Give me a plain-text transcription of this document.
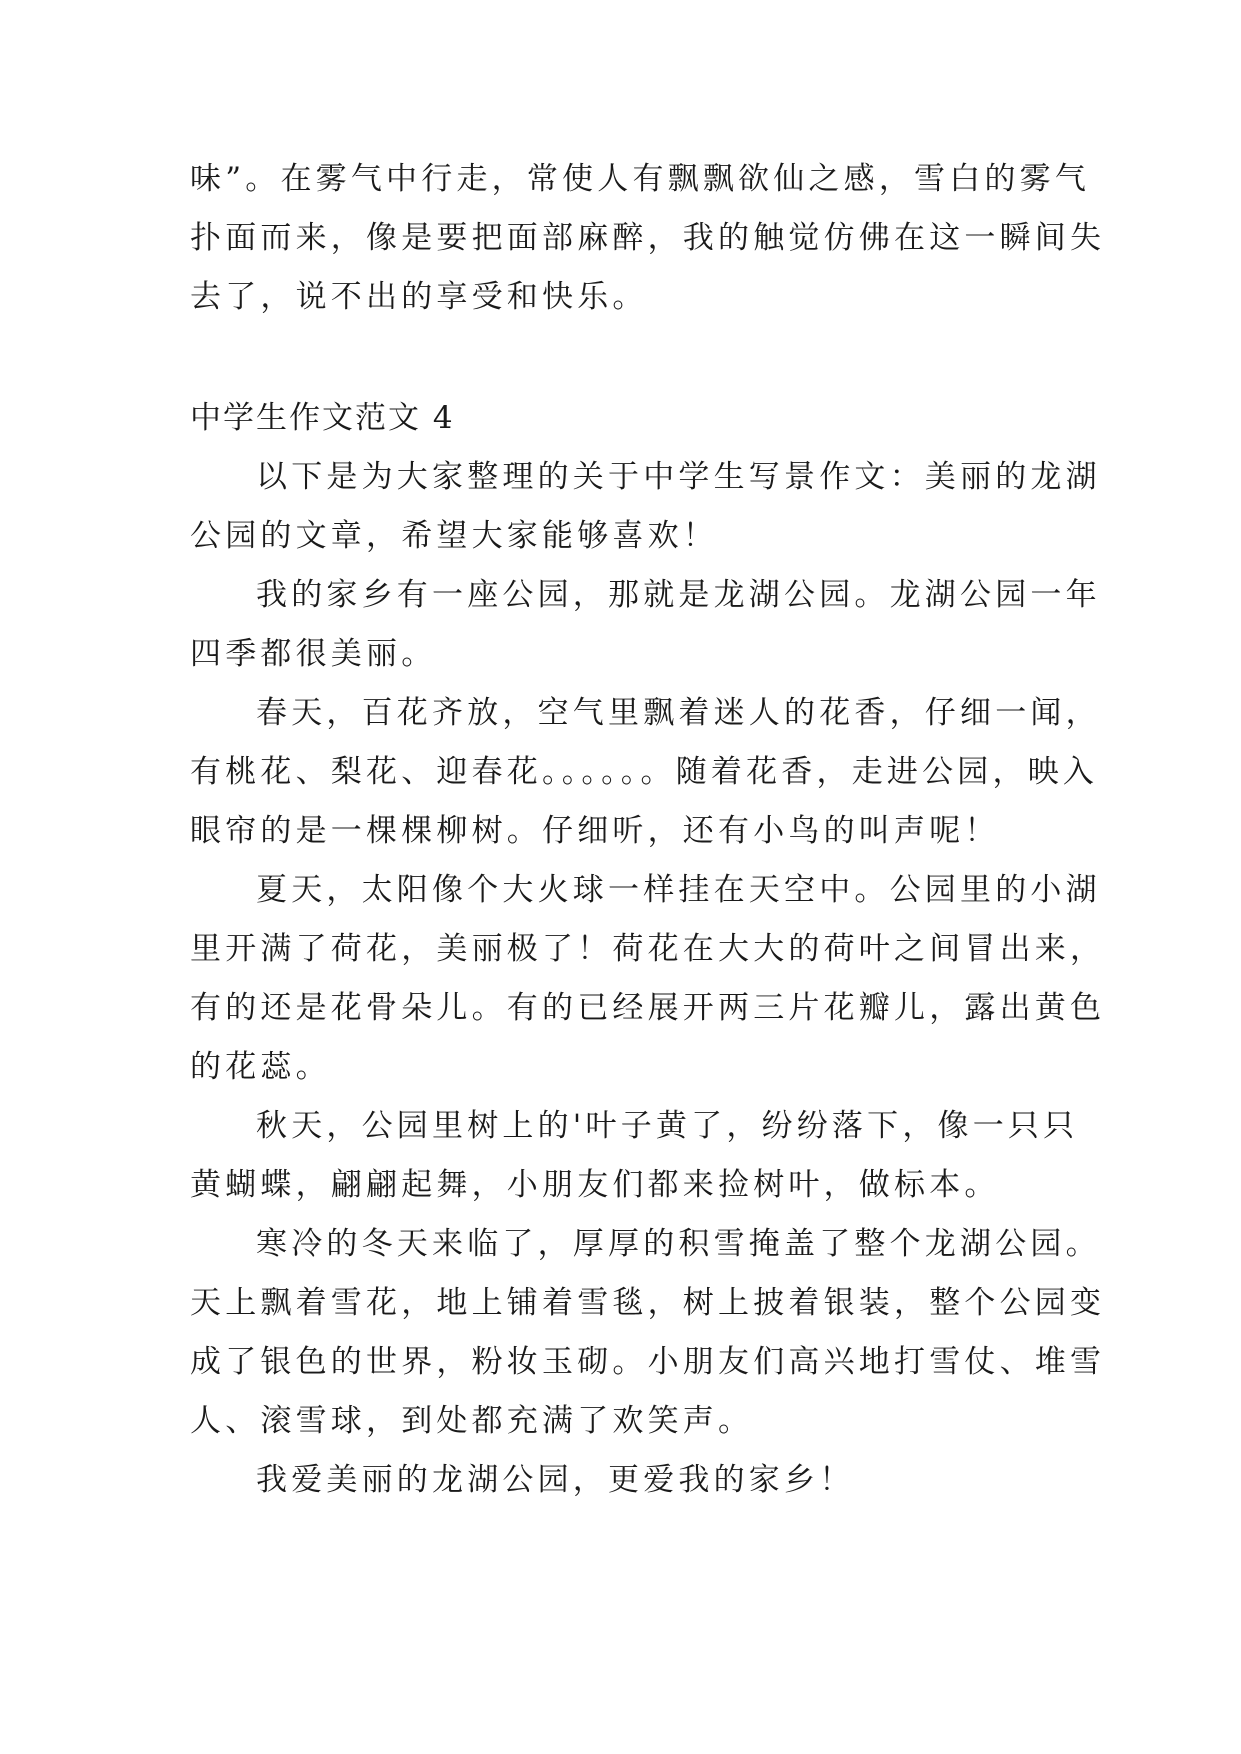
味”。在雾气中行走，常使人有飘飘欲仙之感，雪白的雾气
扑面而来，像是要把面部麻醉，我的触觉仿佛在这一瞬间失
去了，说不出的享受和快乐。
中学生作文范文 4
以下是为大家整理的关于中学生写景作文：美丽的龙湖
公园的文章，希望大家能够喜欢！
我的家乡有一座公园，那就是龙湖公园。龙湖公园一年
四季都很美丽。
春天，百花齐放，空气里飘着迷人的花香，仔细一闻，
有桃花、梨花、迎春花。。。。。。随着花香，走进公园，映入
眼帘的是一棵棵柳树。仔细听，还有小鸟的叫声呢！
夏天，太阳像个大火球一样挂在天空中。公园里的小湖
里开满了荷花，美丽极了！荷花在大大的荷叶之间冒出来，
有的还是花骨朵儿。有的已经展开两三片花瓣儿，露出黄色
的花蕊。
秋天，公园里树上的'叶子黄了，纷纷落下，像一只只
黄蝴蝶，翩翩起舞，小朋友们都来捡树叶，做标本。
寒冷的冬天来临了，厚厚的积雪掩盖了整个龙湖公园。
天上飘着雪花，地上铺着雪毯，树上披着银装，整个公园变
成了银色的世界，粉妆玉砌。小朋友们高兴地打雪仗、堆雪
人、滚雪球，到处都充满了欢笑声。
我爱美丽的龙湖公园，更爱我的家乡！
